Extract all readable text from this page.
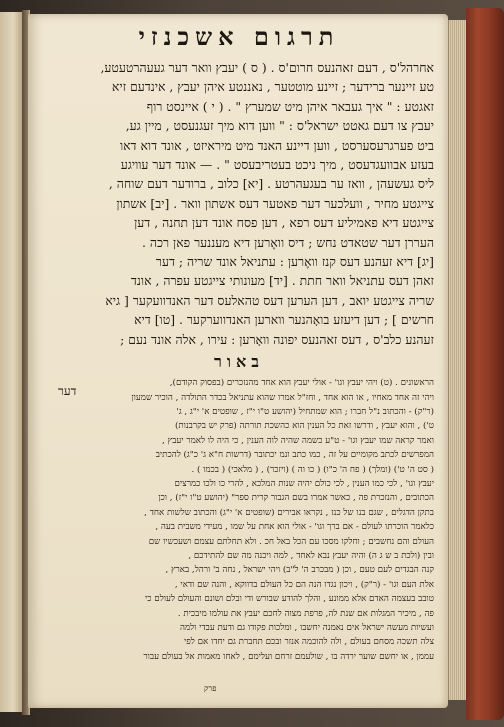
תרגום אשכנזי
אחרהל'ס , דעם זאהנעס חרום'ס . ( ס ) יעבץ וואר דער געעהרטעטע,
טע זיינער ברידער ; זיינע מוטטער , נאננטע איהן יעבץ , אינדעם זיא
זאגטע : " איך געבאר איהן מיט שמערץ " . ( י ) איינסט רוף
יעבץ צו דעם גאטט ישראל'ס : " ווען דוא מיך זעגנעסט , מיין גע,
ביט פערגרעסערסט , ווען דיינע האנד מיט מיראיזט , אונד דוא דאו
בעזע אבוועגדעסט , מיך ניכט בעטריבעסט " . — אונד דער עוויגע
ליס געשעהן , וואז ער בעגעהרטע . [יא] כלוב , ברודער דעם שוחה ,
צייגטע מחיר , וועלכער דער פאטער דעס אשתון וואר . [יב] אשתון
צייגטע דיא פאמיליע דעס רפא , דען פסח אונד דען תחנה , דען
העררן דער שטאדט נחש ; דיס וואֶרען דיא מעננער פאן רכה .
[יג] דיא זעהנע דעס קנז וואֶרען : עתניאל אונד שריה ; דער
זאהן דעס עתניאל וואר חתת . [יד] מעונותי צייגטע עפרה , אונד
שריה צייגטע יואב , דען הערען דעס טהאלעס דער האנדוועקער [ גיא
חרשים ] ; דען דיעזע בואָהנער ווארען האנדווערקער . [טו] דיא
זעהנע כלב'ס , דעס זאהנעס יפונה וואָרען : עירו , אלה אונד נעם ;
דער
באור
הראשונים . (ט) ויהי יעבץ וגו' - אולי יעבץ הוא אחד מהנזכרים (בפסוק הקודם),
ויהי זה אחד מאחיו , או הוא אחד , וחז"ל אמרו שהוא עתניאל בכדר התולדה , הוכיר שמעון
(ר"ק) - והכתוב נ"ל חברו ; הוא שמתחיל (יהושע ט"ו י"ז , שופטים א' י"ג , ג'
ט') , והוא יעבץ , ודרשו זאת כל הענין הוא כהשכת תורתה (פרק יש בקרבנות)
ואמר קראה שמו יעבץ וגו' - ט"ע כשמה שהיה לוה הענין , כי היה לו לאמר יעבץ ,
המפרשים לכתב מקומיים על זה , כמו כתב ונמ יכתובר (דרשות ח"א ג' כ"ג) להכתיב
( סט ה' ט') (ומלך) ( פח ה' כ"ו) ( כו וה ) (ויזכר) , ( מלאכי) ( בכמו ) .
יעבץ וגו' , לכי כמו הענין , לכי כולם יהיה שנות המלכא , להרי כו ולכו כמרצים
הכתובים , והנזכרת פה , כאשר אמרו בשם הגבור קרית ספר" (יהושע ט"ו י"ז) , וכן
בתקן הדגלים , שגם בנו של כנז , נקראו אבירים (שופטים א' י"ג) והכתוב שלשות אחד ,
כלאמר הוכרתו לעולם - אם ברך וגו' - אולי הוא אחת על שמו , מעידי משבית בעה ,
העולם והם נחשבים ; וחלקו מסכו עם הכל באל חכ . ולא תחלתם עצמם ושעכשיו שם
ובין (ולכת ב ש ג ה) והיה יעבץ נבא לאחד , למה ויכנה מה שם להתידכם ,
קנה הבגדים לעם טעם , וכן ( מבכרב ה' ל"ב) ויהי ישראל , נחה ב' ורהל, בארץ ,
אלת העם וגו' - (ר"ק) , ויכון נגדו הנה הם כל העולם בדווקא , והנה שם ודאי ,
טובב בעצמה האדם אלא ממונע , והלך להודע שבורש ודי ובלם ושונם והעולם לעולם כי
פה , מיכיר המגלות אם שנת לה, פרפת מצוה לחכם יעבץ את עולמו מיבכית .
ועשיות מעשה ישראל אים נאמנה יחשבו , ומלכות פקודו גם ודעת עבדי ולמה
צלה תשכה מסחם בעולם , ולה להוכמה אנזר ובכם תחברת גם יחדו אם לפי
עממן , או יחשם שוער ירדה בו , שולעמם זרחם ועלימם , לאחו מאמות אל בעולם עבור
פרק
